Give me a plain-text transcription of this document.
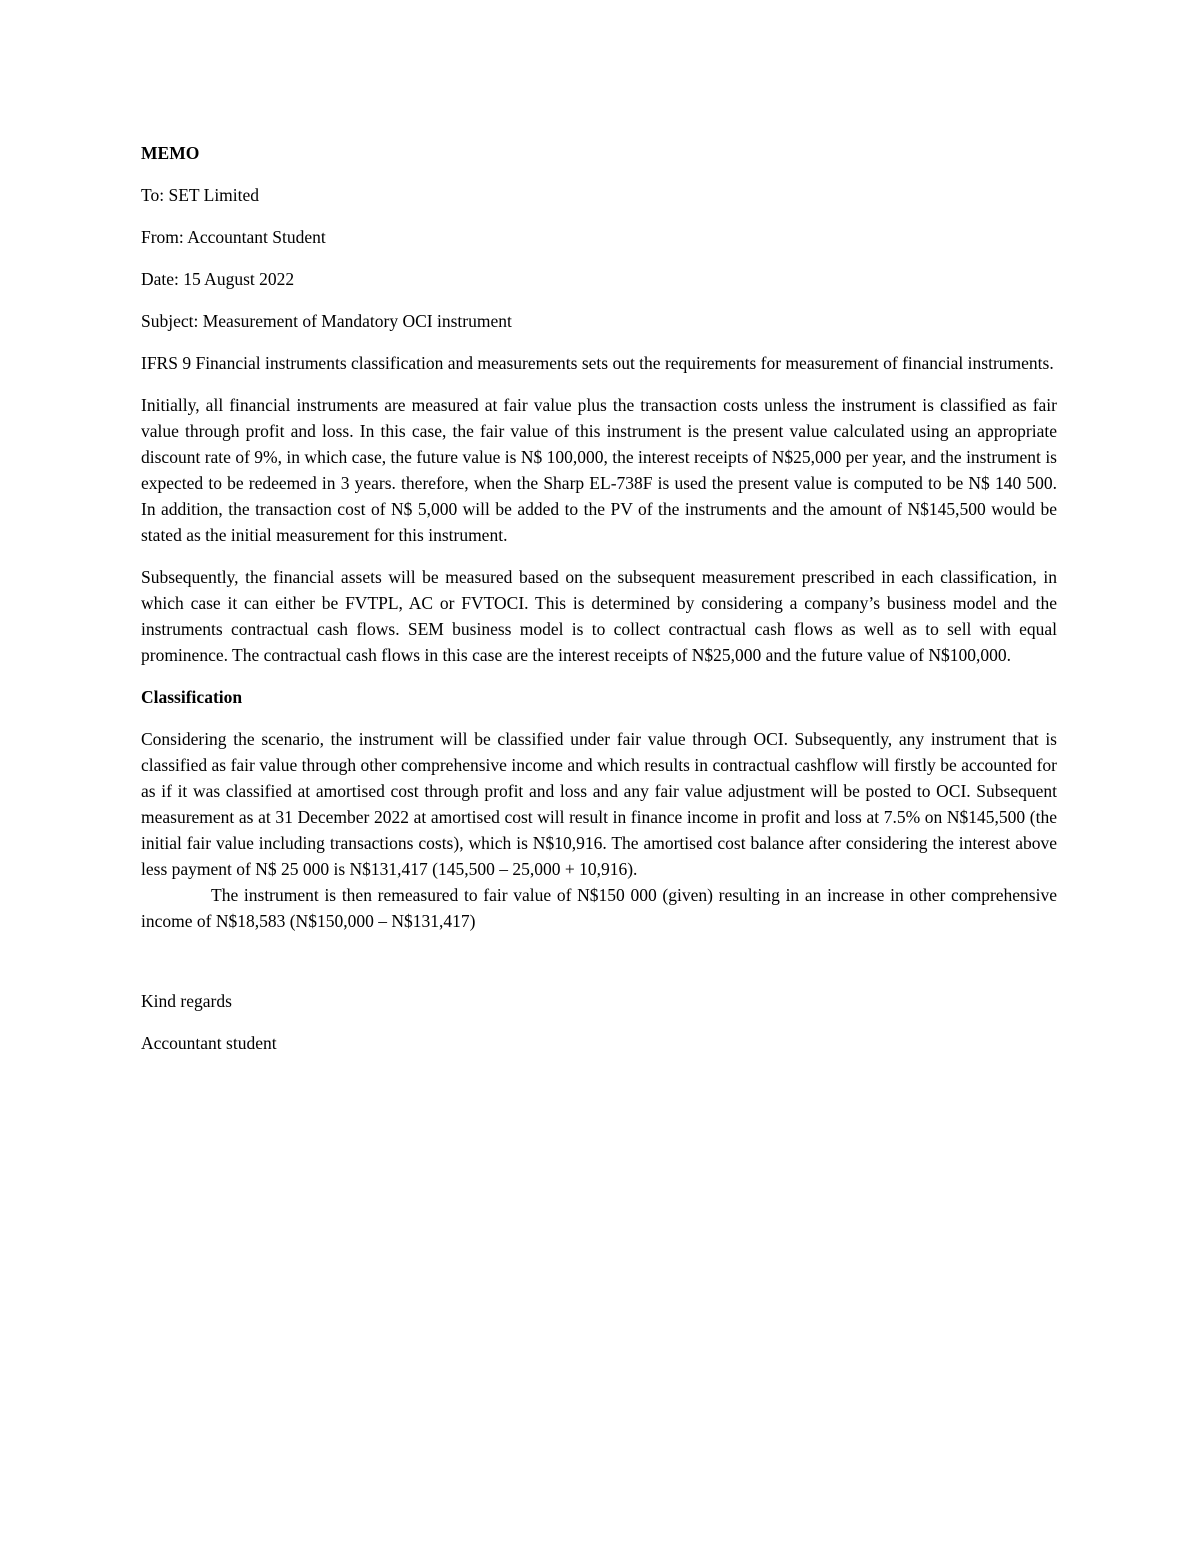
MEMO

To: SET Limited

From: Accountant Student

Date: 15 August 2022

Subject: Measurement of Mandatory OCI instrument

IFRS 9 Financial instruments classification and measurements sets out the requirements for measurement of financial instruments.

Initially, all financial instruments are measured at fair value plus the transaction costs unless the instrument is classified as fair value through profit and loss. In this case, the fair value of this instrument is the present value calculated using an appropriate discount rate of 9%, in which case, the future value is N$ 100,000, the interest receipts of N$25,000 per year, and the instrument is expected to be redeemed in 3 years. therefore, when the Sharp EL-738F is used the present value is computed to be N$ 140 500. In addition, the transaction cost of N$ 5,000 will be added to the PV of the instruments and the amount of N$145,500 would be stated as the initial measurement for this instrument.

Subsequently, the financial assets will be measured based on the subsequent measurement prescribed in each classification, in which case it can either be FVTPL, AC or FVTOCI. This is determined by considering a company’s business model and the instruments contractual cash flows. SEM business model is to collect contractual cash flows as well as to sell with equal prominence. The contractual cash flows in this case are the interest receipts of N$25,000 and the future value of N$100,000.

Classification

Considering the scenario, the instrument will be classified under fair value through OCI. Subsequently, any instrument that is classified as fair value through other comprehensive income and which results in contractual cashflow will firstly be accounted for as if it was classified at amortised cost through profit and loss and any fair value adjustment will be posted to OCI. Subsequent measurement as at 31 December 2022 at amortised cost will result in finance income in profit and loss at 7.5% on N$145,500 (the initial fair value including transactions costs), which is N$10,916. The amortised cost balance after considering the interest above less payment of N$ 25 000 is N$131,417 (145,500 – 25,000 + 10,916).

The instrument is then remeasured to fair value of N$150 000 (given) resulting in an increase in other comprehensive income of N$18,583 (N$150,000 – N$131,417)

Kind regards

Accountant student
